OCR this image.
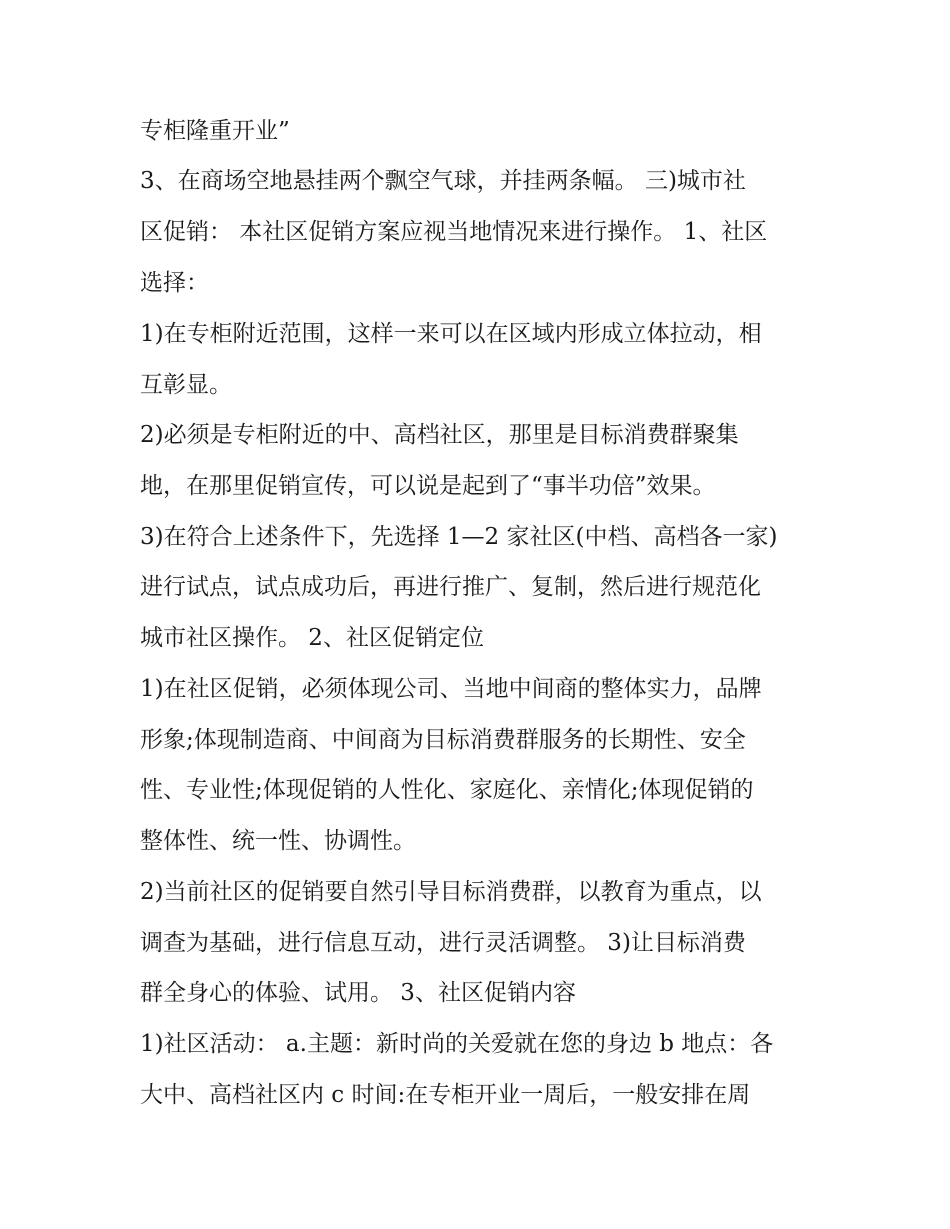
专柜隆重开业”
3、在商场空地悬挂两个飘空气球，并挂两条幅。 三)城市社
区促销： 本社区促销方案应视当地情况来进行操作。 1、社区
选择：
1)在专柜附近范围，这样一来可以在区域内形成立体拉动，相
互彰显。
2)必须是专柜附近的中、高档社区，那里是目标消费群聚集
地，在那里促销宣传，可以说是起到了“事半功倍”效果。
3)在符合上述条件下，先选择 1—2 家社区(中档、高档各一家)
进行试点，试点成功后，再进行推广、复制，然后进行规范化
城市社区操作。 2、社区促销定位
1)在社区促销，必须体现公司、当地中间商的整体实力，品牌
形象;体现制造商、中间商为目标消费群服务的长期性、安全
性、专业性;体现促销的人性化、家庭化、亲情化;体现促销的
整体性、统一性、协调性。
2)当前社区的促销要自然引导目标消费群，以教育为重点，以
调查为基础，进行信息互动，进行灵活调整。 3)让目标消费
群全身心的体验、试用。 3、社区促销内容
1)社区活动： a.主题：新时尚的关爱就在您的身边 b 地点：各
大中、高档社区内 c 时间:在专柜开业一周后，一般安排在周
